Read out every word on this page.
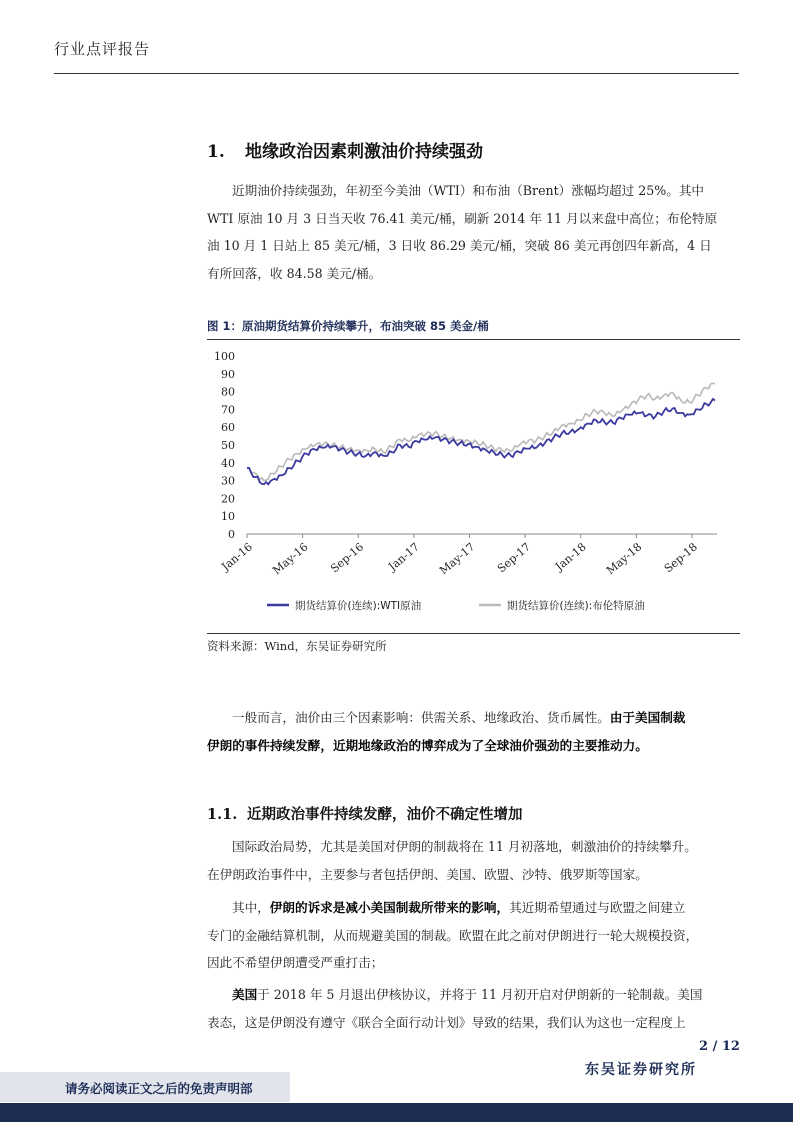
行业点评报告
1. 地缘政治因素刺激油价持续强劲
近期油价持续强劲，年初至今美油（WTI）和布油（Brent）涨幅均超过 25%。其中
WTI 原油 10 月 3 日当天收 76.41 美元/桶，刷新 2014 年 11 月以来盘中高位；布伦特原
油 10 月 1 日站上 85 美元/桶，3 日收 86.29 美元/桶，突破 86 美元再创四年新高，4 日
有所回落，收 84.58 美元/桶。
图 1：原油期货结算价持续攀升，布油突破 85 美金/桶
0
10
20
30
40
50
60
70
80
90
100
Jan-16 May-16 Sep-16 Jan-17 May-17 Sep-17 Jan-18 May-18 Sep-18
期货结算价(连续):WTI原油	期货结算价(连续):布伦特原油
资料来源：Wind，东吴证券研究所
一般而言，油价由三个因素影响：供需关系、地缘政治、货币属性。由于美国制裁
伊朗的事件持续发酵，近期地缘政治的博弈成为了全球油价强劲的主要推动力。
1.1. 近期政治事件持续发酵，油价不确定性增加
国际政治局势，尤其是美国对伊朗的制裁将在 11 月初落地，刺激油价的持续攀升。
在伊朗政治事件中，主要参与者包括伊朗、美国、欧盟、沙特、俄罗斯等国家。
其中，伊朗的诉求是减小美国制裁所带来的影响，其近期希望通过与欧盟之间建立
专门的金融结算机制，从而规避美国的制裁。欧盟在此之前对伊朗进行一轮大规模投资，
因此不希望伊朗遭受严重打击；
美国于 2018 年 5 月退出伊核协议，并将于 11 月初开启对伊朗新的一轮制裁。美国
表态，这是伊朗没有遵守《联合全面行动计划》导致的结果，我们认为这也一定程度上
2 / 12
东吴证券研究所
请务必阅读正文之后的免责声明部
